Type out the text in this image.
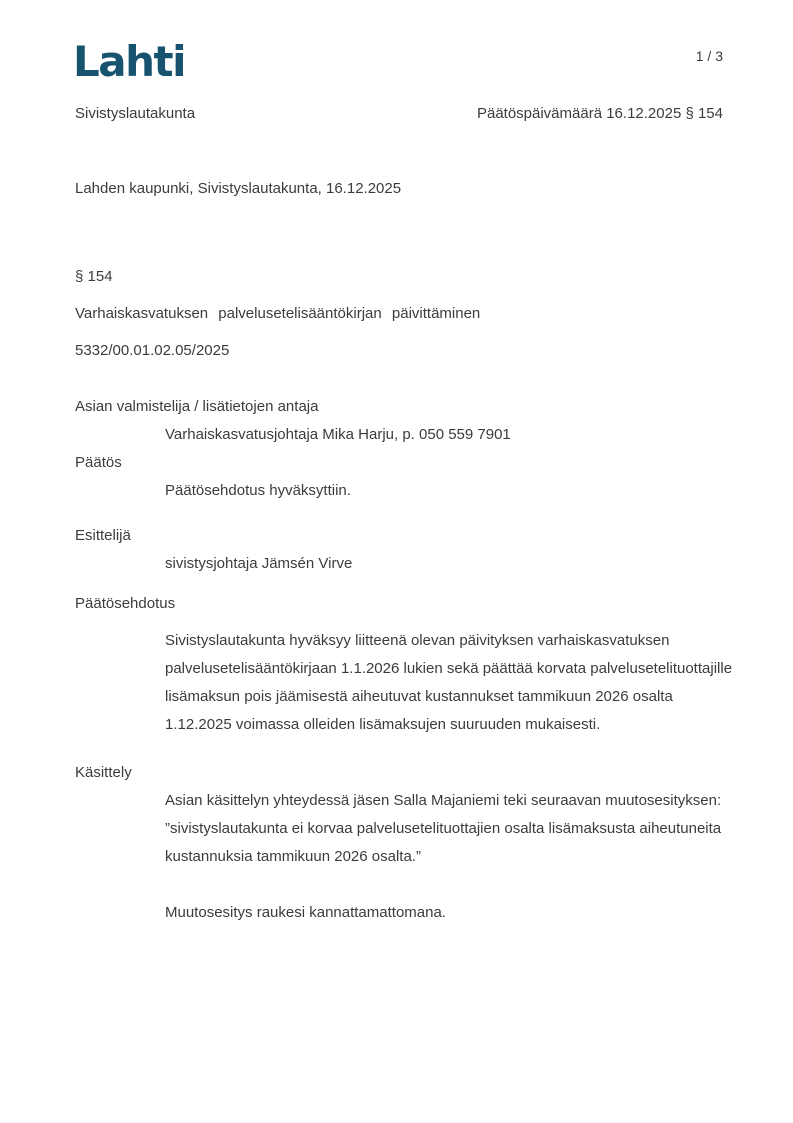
Lahti	1 / 3
Sivistyslautakunta	Päätöspäivämäärä 16.12.2025 § 154
Lahden kaupunki, Sivistyslautakunta, 16.12.2025
§ 154
Varhaiskasvatuksen palvelusetelisääntökirjan päivittäminen
5332/00.01.02.05/2025
Asian valmistelija / lisätietojen antaja

Varhaiskasvatusjohtaja Mika Harju, p. 050 559 7901

Päätös

Päätösehdotus hyväksyttiin.

Esittelijä

sivistysjohtaja Jämsén Virve

Päätösehdotus

Sivistyslautakunta hyväksyy liitteenä olevan päivityksen varhaiskasvatuksen palvelusetelisääntökirjaan 1.1.2026 lukien sekä päättää korvata palvelusetelituottajille lisämaksun pois jäämisestä aiheutuvat kustannukset tammikuun 2026 osalta 1.12.2025 voimassa olleiden lisämaksujen suuruuden mukaisesti.

Käsittely

Asian käsittelyn yhteydessä jäsen Salla Majaniemi teki seuraavan muutosesityksen: ”sivistyslautakunta ei korvaa palvelusetelituottajien osalta lisämaksusta aiheutuneita kustannuksia tammikuun 2026 osalta.”

Muutosesitys raukesi kannattamattomana.
